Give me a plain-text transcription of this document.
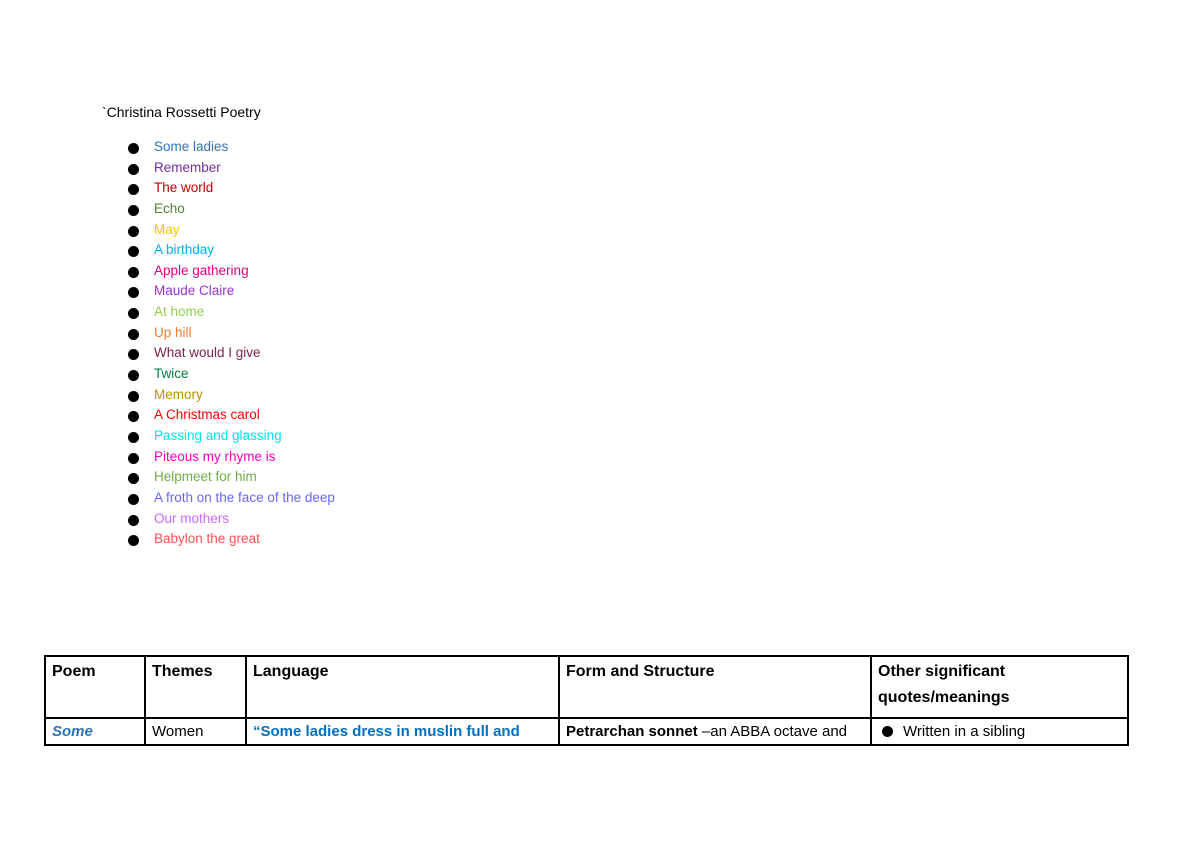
`Christina Rossetti Poetry
Some ladies
Remember
The world
Echo
May
A birthday
Apple gathering
Maude Claire
At home
Up hill
What would I give
Twice
Memory
A Christmas carol
Passing and glassing
Piteous my rhyme is
Helpmeet for him
A froth on the face of the deep
Our mothers
Babylon the great
Poem	Themes	Language	Form and Structure	Other significant quotes/meanings
Some	Women	“Some ladies dress in muslin full and	Petrarchan sonnet –an ABBA octave and	Written in a sibling
